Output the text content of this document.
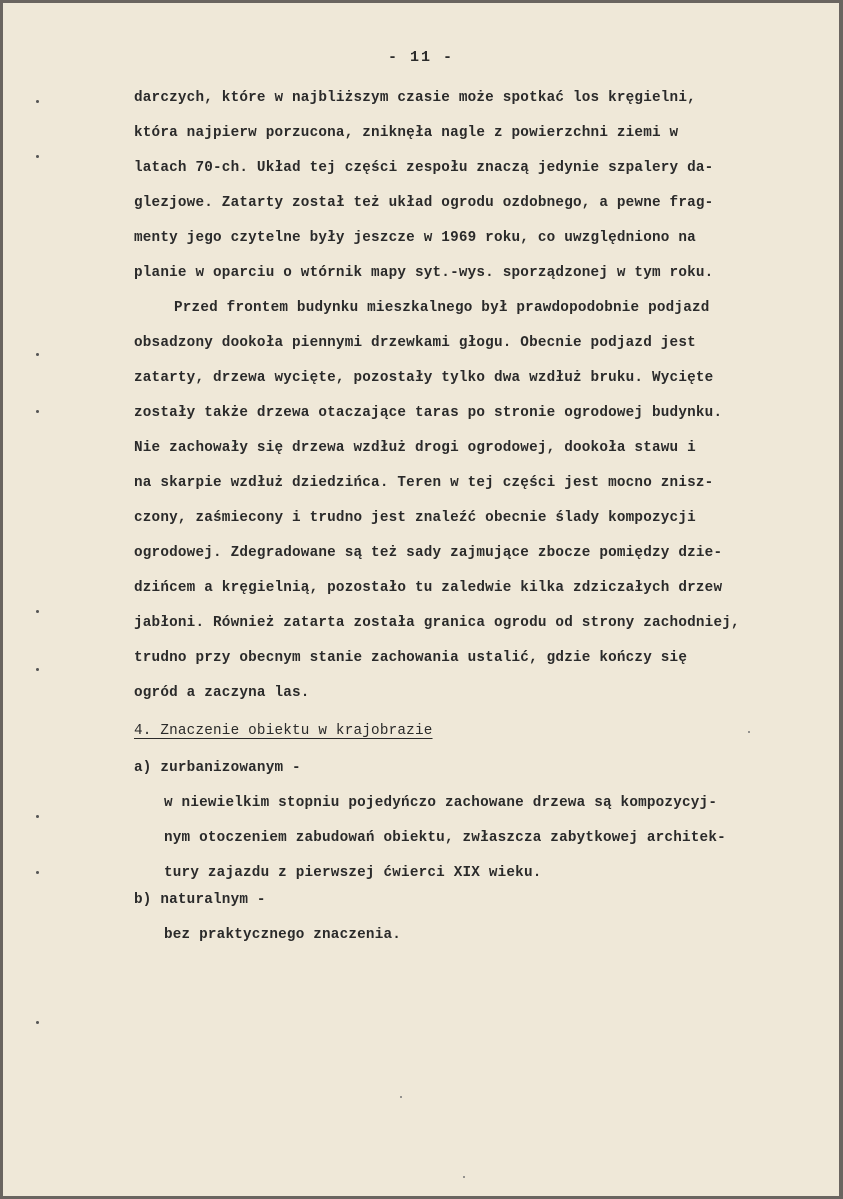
- 11 -
darczych, które w najbliższym czasie może spotkać los kręgielni,
która najpierw porzucona, zniknęła nagle z powierzchni ziemi w
latach 70-ch. Układ tej części zespołu znaczą jedynie szpalery da-
glezjowe. Zatarty został też układ ogrodu ozdobnego, a pewne frag-
menty jego czytelne były jeszcze w 1969 roku, co uwzględniono na
planie w oparciu o wtórnik mapy syt.-wys. sporządzonej w tym roku.
Przed frontem budynku mieszkalnego był prawdopodobnie podjazd
obsadzony dookoła piennymi drzewkami głogu. Obecnie podjazd jest
zatarty, drzewa wycięte, pozostały tylko dwa wzdłuż bruku. Wycięte
zostały także drzewa otaczające taras po stronie ogrodowej budynku.
Nie zachowały się drzewa wzdłuż drogi ogrodowej, dookoła stawu i
na skarpie wzdłuż dziedzińca. Teren w tej części jest mocno znisz-
czony, zaśmiecony i trudno jest znaleźć obecnie ślady kompozycji
ogrodowej. Zdegradowane są też sady zajmujące zbocze pomiędzy dzie-
dzińcem a kręgielnią, pozostało tu zaledwie kilka zdziczałych drzew
jabłoni. Również zatarta została granica ogrodu od strony zachodniej,
trudno przy obecnym stanie zachowania ustalić, gdzie kończy się
ogród a zaczyna las.
4. Znaczenie obiektu w krajobrazie
a) zurbanizowanym -
w niewielkim stopniu pojedyńczo zachowane drzewa są kompozycyj-
nym otoczeniem zabudowań obiektu, zwłaszcza zabytkowej architek-
tury zajazdu z pierwszej ćwierci XIX wieku.
b) naturalnym -
bez praktycznego znaczenia.
